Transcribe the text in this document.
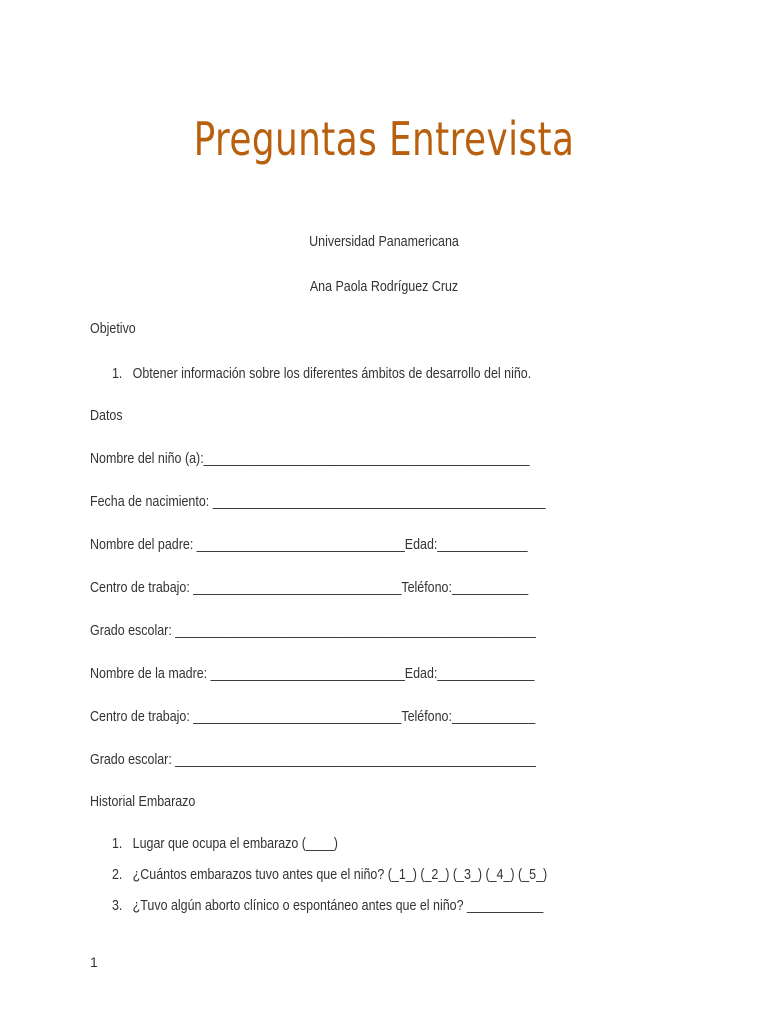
Preguntas Entrevista
Universidad Panamericana
Ana Paola Rodríguez Cruz
Objetivo
1. Obtener información sobre los diferentes ámbitos de desarrollo del niño.
Datos
Nombre del niño (a):_______________________________________________
Fecha de nacimiento: ________________________________________________
Nombre del padre: ______________________________Edad:_____________
Centro de trabajo: ______________________________Teléfono:___________
Grado escolar: ____________________________________________________
Nombre de la madre: ____________________________Edad:______________
Centro de trabajo: ______________________________Teléfono:____________
Grado escolar: ____________________________________________________
Historial Embarazo
1. Lugar que ocupa el embarazo (____)
2. ¿Cuántos embarazos tuvo antes que el niño? (_1_) (_2_) (_3_) (_4_) (_5_)
3. ¿Tuvo algún aborto clínico o espontáneo antes que el niño? ___________
1
